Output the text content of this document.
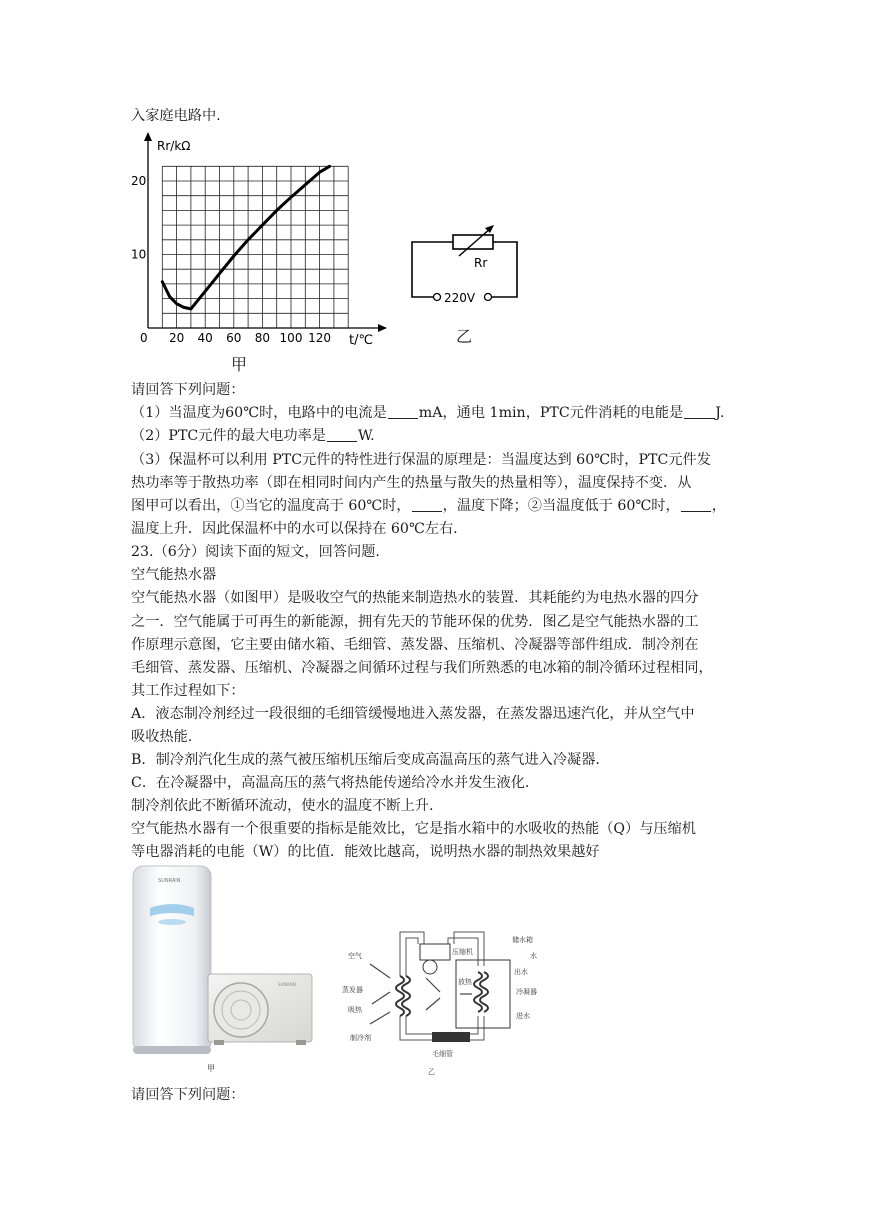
入家庭电路中.
Rr/kΩ
t/℃
0
10
20
20 40 60 80 100 120
甲
Rr
220V
乙
请回答下列问题：
（1）当温度为60℃时，电路中的电流是 mA，通电 1min，PTC元件消耗的电能是 J.
（2）PTC元件的最大电功率是 W.
（3）保温杯可以利用 PTC元件的特性进行保温的原理是：当温度达到 60℃时，PTC元件发
热功率等于散热功率（即在相同时间内产生的热量与散失的热量相等），温度保持不变．从
图甲可以看出，①当它的温度高于 60℃时， ，温度下降；②当温度低于 60℃时， ，
温度上升．因此保温杯中的水可以保持在 60℃左右.
23.（6分）阅读下面的短文，回答问题.
空气能热水器
空气能热水器（如图甲）是吸收空气的热能来制造热水的装置．其耗能约为电热水器的四分
之一．空气能属于可再生的新能源，拥有先天的节能环保的优势．图乙是空气能热水器的工
作原理示意图，它主要由储水箱、毛细管、蒸发器、压缩机、冷凝器等部件组成．制冷剂在
毛细管、蒸发器、压缩机、冷凝器之间循环过程与我们所熟悉的电冰箱的制冷循环过程相同，
其工作过程如下：
A．液态制冷剂经过一段很细的毛细管缓慢地进入蒸发器，在蒸发器迅速汽化，并从空气中
吸收热能.
B．制冷剂汽化生成的蒸气被压缩机压缩后变成高温高压的蒸气进入冷凝器.
C．在冷凝器中，高温高压的蒸气将热能传递给冷水并发生液化.
制冷剂依此不断循环流动，使水的温度不断上升.
空气能热水器有一个很重要的指标是能效比，它是指水箱中的水吸收的热能（Q）与压缩机
等电器消耗的电能（W）的比值．能效比越高，说明热水器的制热效果越好
SUNRAIN
SUNRAIN
甲
空气	压缩机
储水箱
水
出水
蒸发器
放热
冷凝器
吸热
进水
制冷剂
毛细管
乙
请回答下列问题：
